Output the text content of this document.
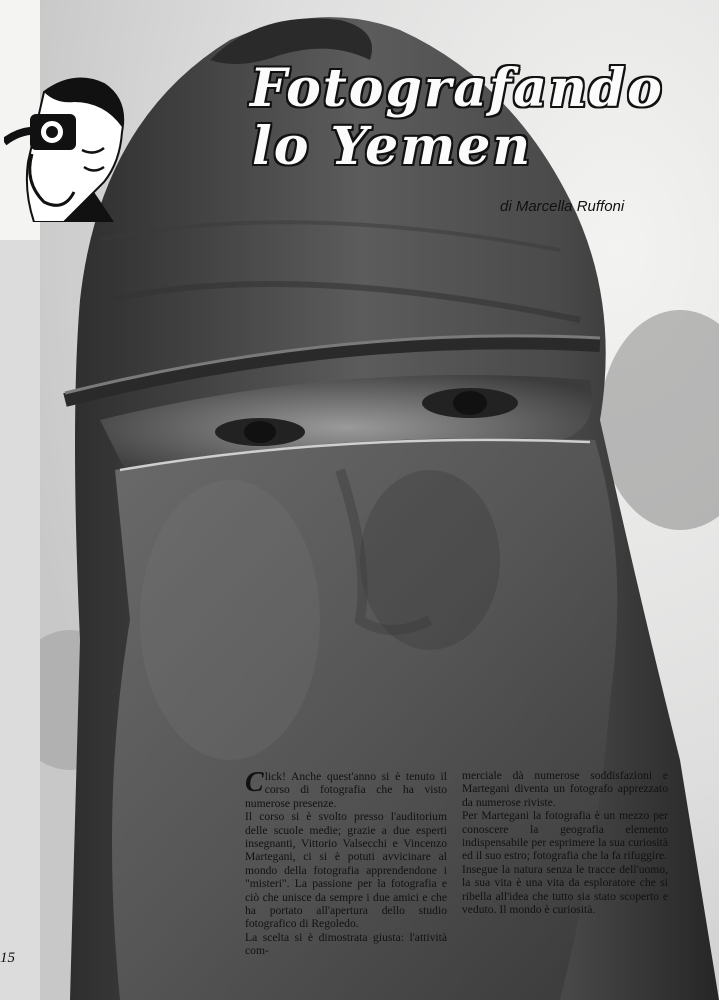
Fotografando
lo Yemen
di Marcella Ruffoni

Click! Anche quest'anno si è tenuto il corso di fotografia che ha visto numerose presenze.

Il corso si è svolto presso l'auditorium delle scuole medie; grazie a due esperti insegnanti, Vittorio Valsecchi e Vincenzo Martegani, ci si è potuti avvicinare al mondo della fotografia apprendendone i "misteri". La passione per la fotografia e ciò che unisce da sempre i due amici e che ha portato all'apertura dello studio fotografico di Regoledo.

La scelta si è dimostrata giusta: l'attività com-

merciale dà numerose soddisfazioni e Martegani diventa un fotografo apprezzato da numerose riviste.

Per Martegani la fotografia è un mezzo per conoscere la geografia elemento indispensabile per esprimere la sua curiosità ed il suo estro; fotografia che la fa rifuggire.

Insegue la natura senza le tracce dell'uomo, la sua vita è una vita da esploratore che si ribella all'idea che tutto sia stato scoperto e veduto. Il mondo è curiosità.

15
